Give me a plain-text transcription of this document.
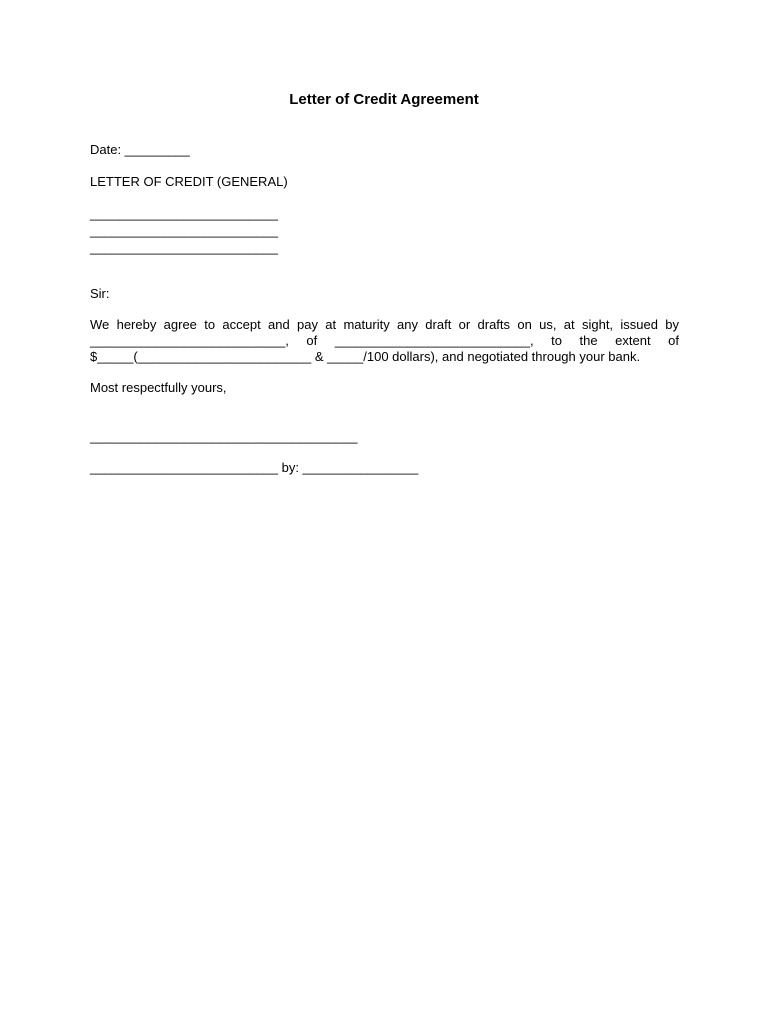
Letter of Credit Agreement
Date: _________
LETTER OF CREDIT (GENERAL)
__________________________
__________________________
__________________________
Sir:
We hereby agree to accept and pay at maturity any draft or drafts on us, at sight, issued by
___________________________, of ___________________________, to the extent of
$_____(________________________ & _____/100 dollars), and negotiated through your bank.
Most respectfully yours,
_____________________________________
__________________________ by: ________________
